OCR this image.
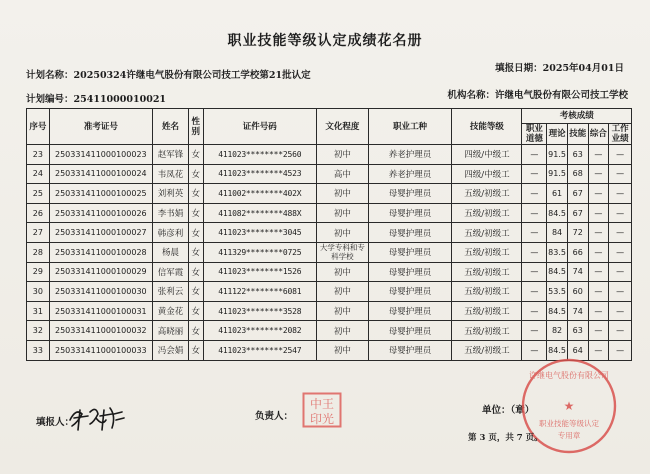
职业技能等级认定成绩花名册
计划名称：20250324许继电气股份有限公司技工学校第21批认定
填报日期：2025年04月01日
计划编号：25411000010021	机构名称：许继电气股份有限公司技工学校
序号	准考证号	姓名	性别	证件号码	文化程度	职业工种	技能等级	考核成绩				
								职业道德	理论	技能	综合	工作业绩
23	250331411000100023	赵军锋	女	411023********2560	初中	养老护理员	四级/中级工	—	91.5	63	—	—
24	250331411000100024	韦凤花	女	411023********4523	高中	养老护理员	四级/中级工	—	91.5	68	—	—
25	250331411000100025	刘利英	女	411002********402X	初中	母婴护理员	五级/初级工	—	61	67	—	—
26	250331411000100026	李书娟	女	411082********488X	初中	母婴护理员	五级/初级工	—	84.5	67	—	—
27	250331411000100027	韩彦利	女	411023********3045	初中	母婴护理员	五级/初级工	—	84	72	—	—
28	250331411000100028	杨晨	女	411329********0725	大学专科和专科学校	母婴护理员	五级/初级工	—	83.5	66	—	—
29	250331411000100029	信军霞	女	411023********1526	初中	母婴护理员	五级/初级工	—	84.5	74	—	—
30	250331411000100030	张利云	女	411122********6081	初中	母婴护理员	五级/初级工	—	53.5	60	—	—
31	250331411000100031	黄金花	女	411023********3528	初中	母婴护理员	五级/初级工	—	84.5	74	—	—
32	250331411000100032	高晓丽	女	411023********2082	初中	母婴护理员	五级/初级工	—	82	63	—	—
33	250331411000100033	冯会娟	女	411023********2547	初中	母婴护理员	五级/初级工	—	84.5	64	—	—
填报人：
负责人：
中王
印光
单位：（章）
许继电气股份有限公司
★
职业技能等级认定
专用章
第 3 页，共 7 页。
